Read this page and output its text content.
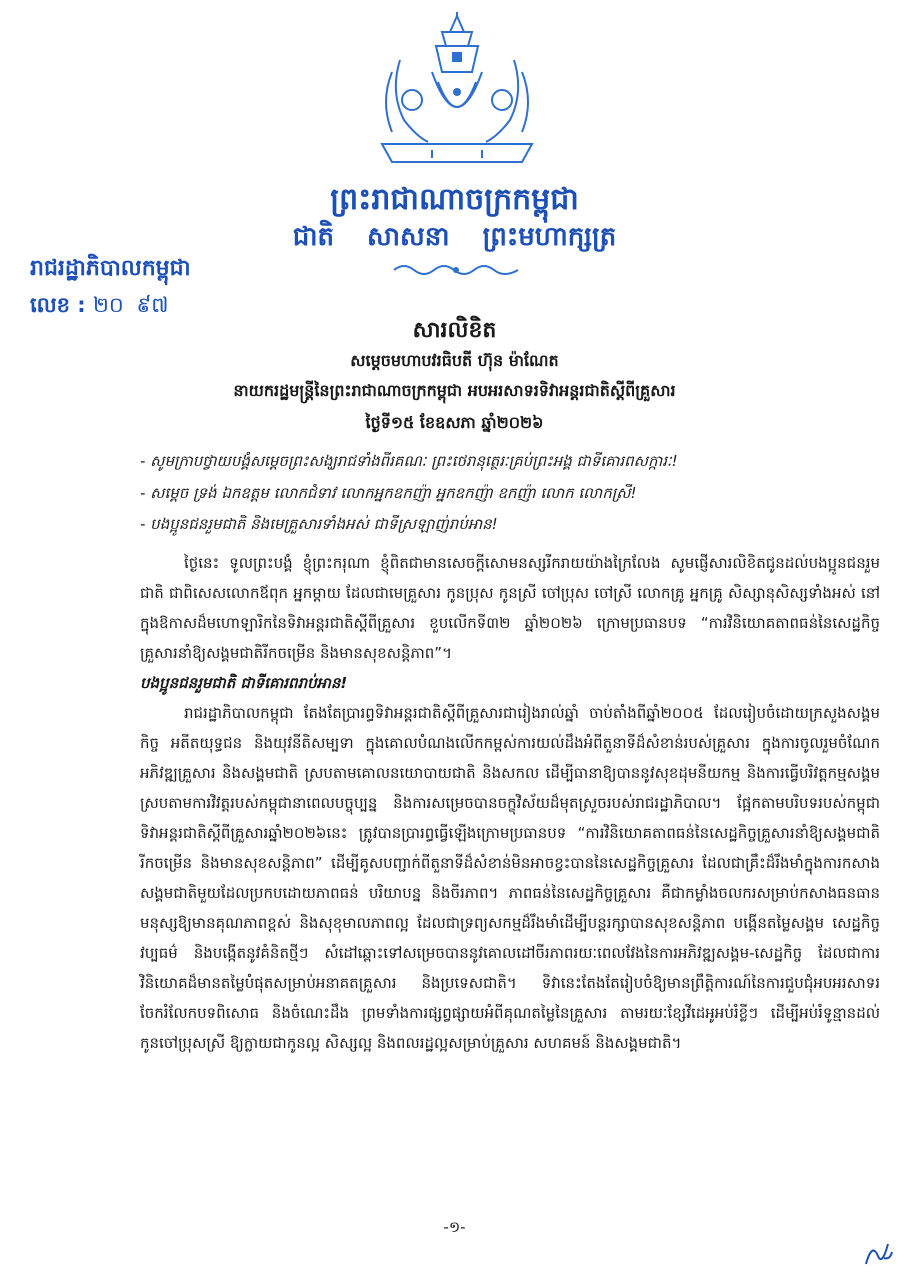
ព្រះរាជាណាចក្រកម្ពុជា
ជាតិ សាសនា ព្រះមហាក្សត្រ
រាជរដ្ឋាភិបាលកម្ពុជា
លេខ : ២០ ៩៧
សារលិខិត
សម្តេចមហាបវរធិបតី ហ៊ុន ម៉ាណែត
នាយករដ្ឋមន្ត្រីនៃព្រះរាជាណាចក្រកម្ពុជា អបអរសាទរទិវាអន្តរជាតិស្តីពីគ្រួសារ
ថ្ងៃទី១៥ ខែឧសភា ឆ្នាំ២០២៦
- សូមក្រាបថ្វាយបង្គំសម្តេចព្រះសង្ឃរាជទាំងពីរគណៈ ព្រះថេរានុត្ថេរៈគ្រប់ព្រះអង្គ ជាទីគោរពសក្ការៈ!
- សម្តេច ទ្រង់ ឯកឧត្តម លោកជំទាវ លោកអ្នកឧកញ៉ា អ្នកឧកញ៉ា ឧកញ៉ា លោក លោកស្រី!
- បងប្អូនជនរួមជាតិ និងមេគ្រួសារទាំងអស់ ជាទីស្រឡាញ់រាប់អាន!

ថ្ងៃនេះ ទូលព្រះបង្គំ ខ្ញុំព្រះករុណា ខ្ញុំពិតជាមានសេចក្តីសោមនស្សរីករាយយ៉ាងក្រៃលែង សូមផ្ញើសារលិខិតជូនដល់បងប្អូនជនរួមជាតិ ជាពិសេសលោកឪពុក អ្នកម្តាយ ដែលជាមេគ្រួសារ កូនប្រុស កូនស្រី ចៅប្រុស ចៅស្រី លោកគ្រូ អ្នកគ្រូ សិស្សានុសិស្សទាំងអស់ នៅក្នុងឱកាសដ៏មហោឡារិកនៃទិវាអន្តរជាតិស្តីពីគ្រួសារ ខួបលើកទី៣២ ឆ្នាំ២០២៦ ក្រោមប្រធានបទ “ការវិនិយោគតាពធន់នៃសេដ្ឋកិច្ចគ្រួសារនាំឱ្យសង្គមជាតិរីកចម្រើន និងមានសុខសន្តិភាព”។

បងប្អូនជនរួមជាតិ ជាទីគោរពរាប់អាន!

រាជរដ្ឋាភិបាលកម្ពុជា តែងតែប្រារព្ធទិវាអន្តរជាតិស្តីពីគ្រួសារជារៀងរាល់ឆ្នាំ ចាប់តាំងពីឆ្នាំ២០០៥ ដែលរៀបចំដោយក្រសួងសង្គមកិច្ច អតីតយុទ្ធជន និងយុវនីតិសម្បទា ក្នុងគោលបំណងលើកកម្ពស់ការយល់ដឹងអំពីតួនាទីដ៏សំខាន់របស់គ្រួសារ ក្នុងការចូលរួមចំណែកអភិវឌ្ឍគ្រួសារ និងសង្គមជាតិ ស្របតាមគោលនយោបាយជាតិ និងសកល ដើម្បីធានាឱ្យបាននូវសុខដុមនីយកម្ម និងការធ្វើបរិវត្តកម្មសង្គមស្របតាមការវិវត្តរបស់កម្ពុជានាពេលបច្ចុប្បន្ន និងការសម្រេចបានចក្ខុវិស័យដ៏មុតស្រួចរបស់រាជរដ្ឋាភិបាល។ ផ្អែកតាមបរិបទរបស់កម្ពុជា ទិវាអន្តរជាតិស្តីពីគ្រួសារឆ្នាំ២០២៦នេះ ត្រូវបានប្រារព្ធធ្វើឡើងក្រោមប្រធានបទ “ការវិនិយោគតាពធន់នៃសេដ្ឋកិច្ចគ្រួសារនាំឱ្យសង្គមជាតិរីកចម្រើន និងមានសុខសន្តិភាព” ដើម្បីគូសបញ្ជាក់ពីតួនាទីដ៏សំខាន់មិនអាចខ្វះបាននៃសេដ្ឋកិច្ចគ្រួសារ ដែលជាគ្រឹះដ៏រឹងមាំក្នុងការកសាងសង្គមជាតិមួយដែលប្រកបដោយភាពធន់ បរិយាបន្ន និងចីរភាព។ ភាពធន់នៃសេដ្ឋកិច្ចគ្រួសារ គឺជាកម្លាំងចលករសម្រាប់កសាងធនធានមនុស្សឱ្យមានគុណភាពខ្ពស់ និងសុខុមាលភាពល្អ ដែលជាទ្រព្យសកម្មដ៏រឹងមាំដើម្បីបន្តរក្សាបានសុខសន្តិភាព បង្កើនតម្លៃសង្គម សេដ្ឋកិច្ច វប្បធម៌ និងបង្កើតនូវគំនិតថ្មីៗ សំដៅឆ្ពោះទៅសម្រេចបាននូវគោលដៅចីរភាពរយៈពេលវែងនៃការអភិវឌ្ឍសង្គម-សេដ្ឋកិច្ច ដែលជាការវិនិយោគដ៏មានតម្លៃបំផុតសម្រាប់អនាគតគ្រួសារ និងប្រទេសជាតិ។ ទិវានេះតែងតែរៀបចំឱ្យមានព្រឹត្តិការណ៍នៃការជួបជុំអបអរសាទរ ចែករំលែកបទពិសោធ និងចំណេះដឹង ព្រមទាំងការផ្សព្វផ្សាយអំពីគុណតម្លៃនៃគ្រួសារ តាមរយៈខ្សែវីដេអូអប់រំខ្លីៗ ដើម្បីអប់រំទូន្មានដល់កូនចៅប្រុសស្រី ឱ្យក្លាយជាកូនល្អ សិស្សល្អ និងពលរដ្ឋល្អសម្រាប់គ្រួសារ សហគមន៍ និងសង្គមជាតិ។

-១-
